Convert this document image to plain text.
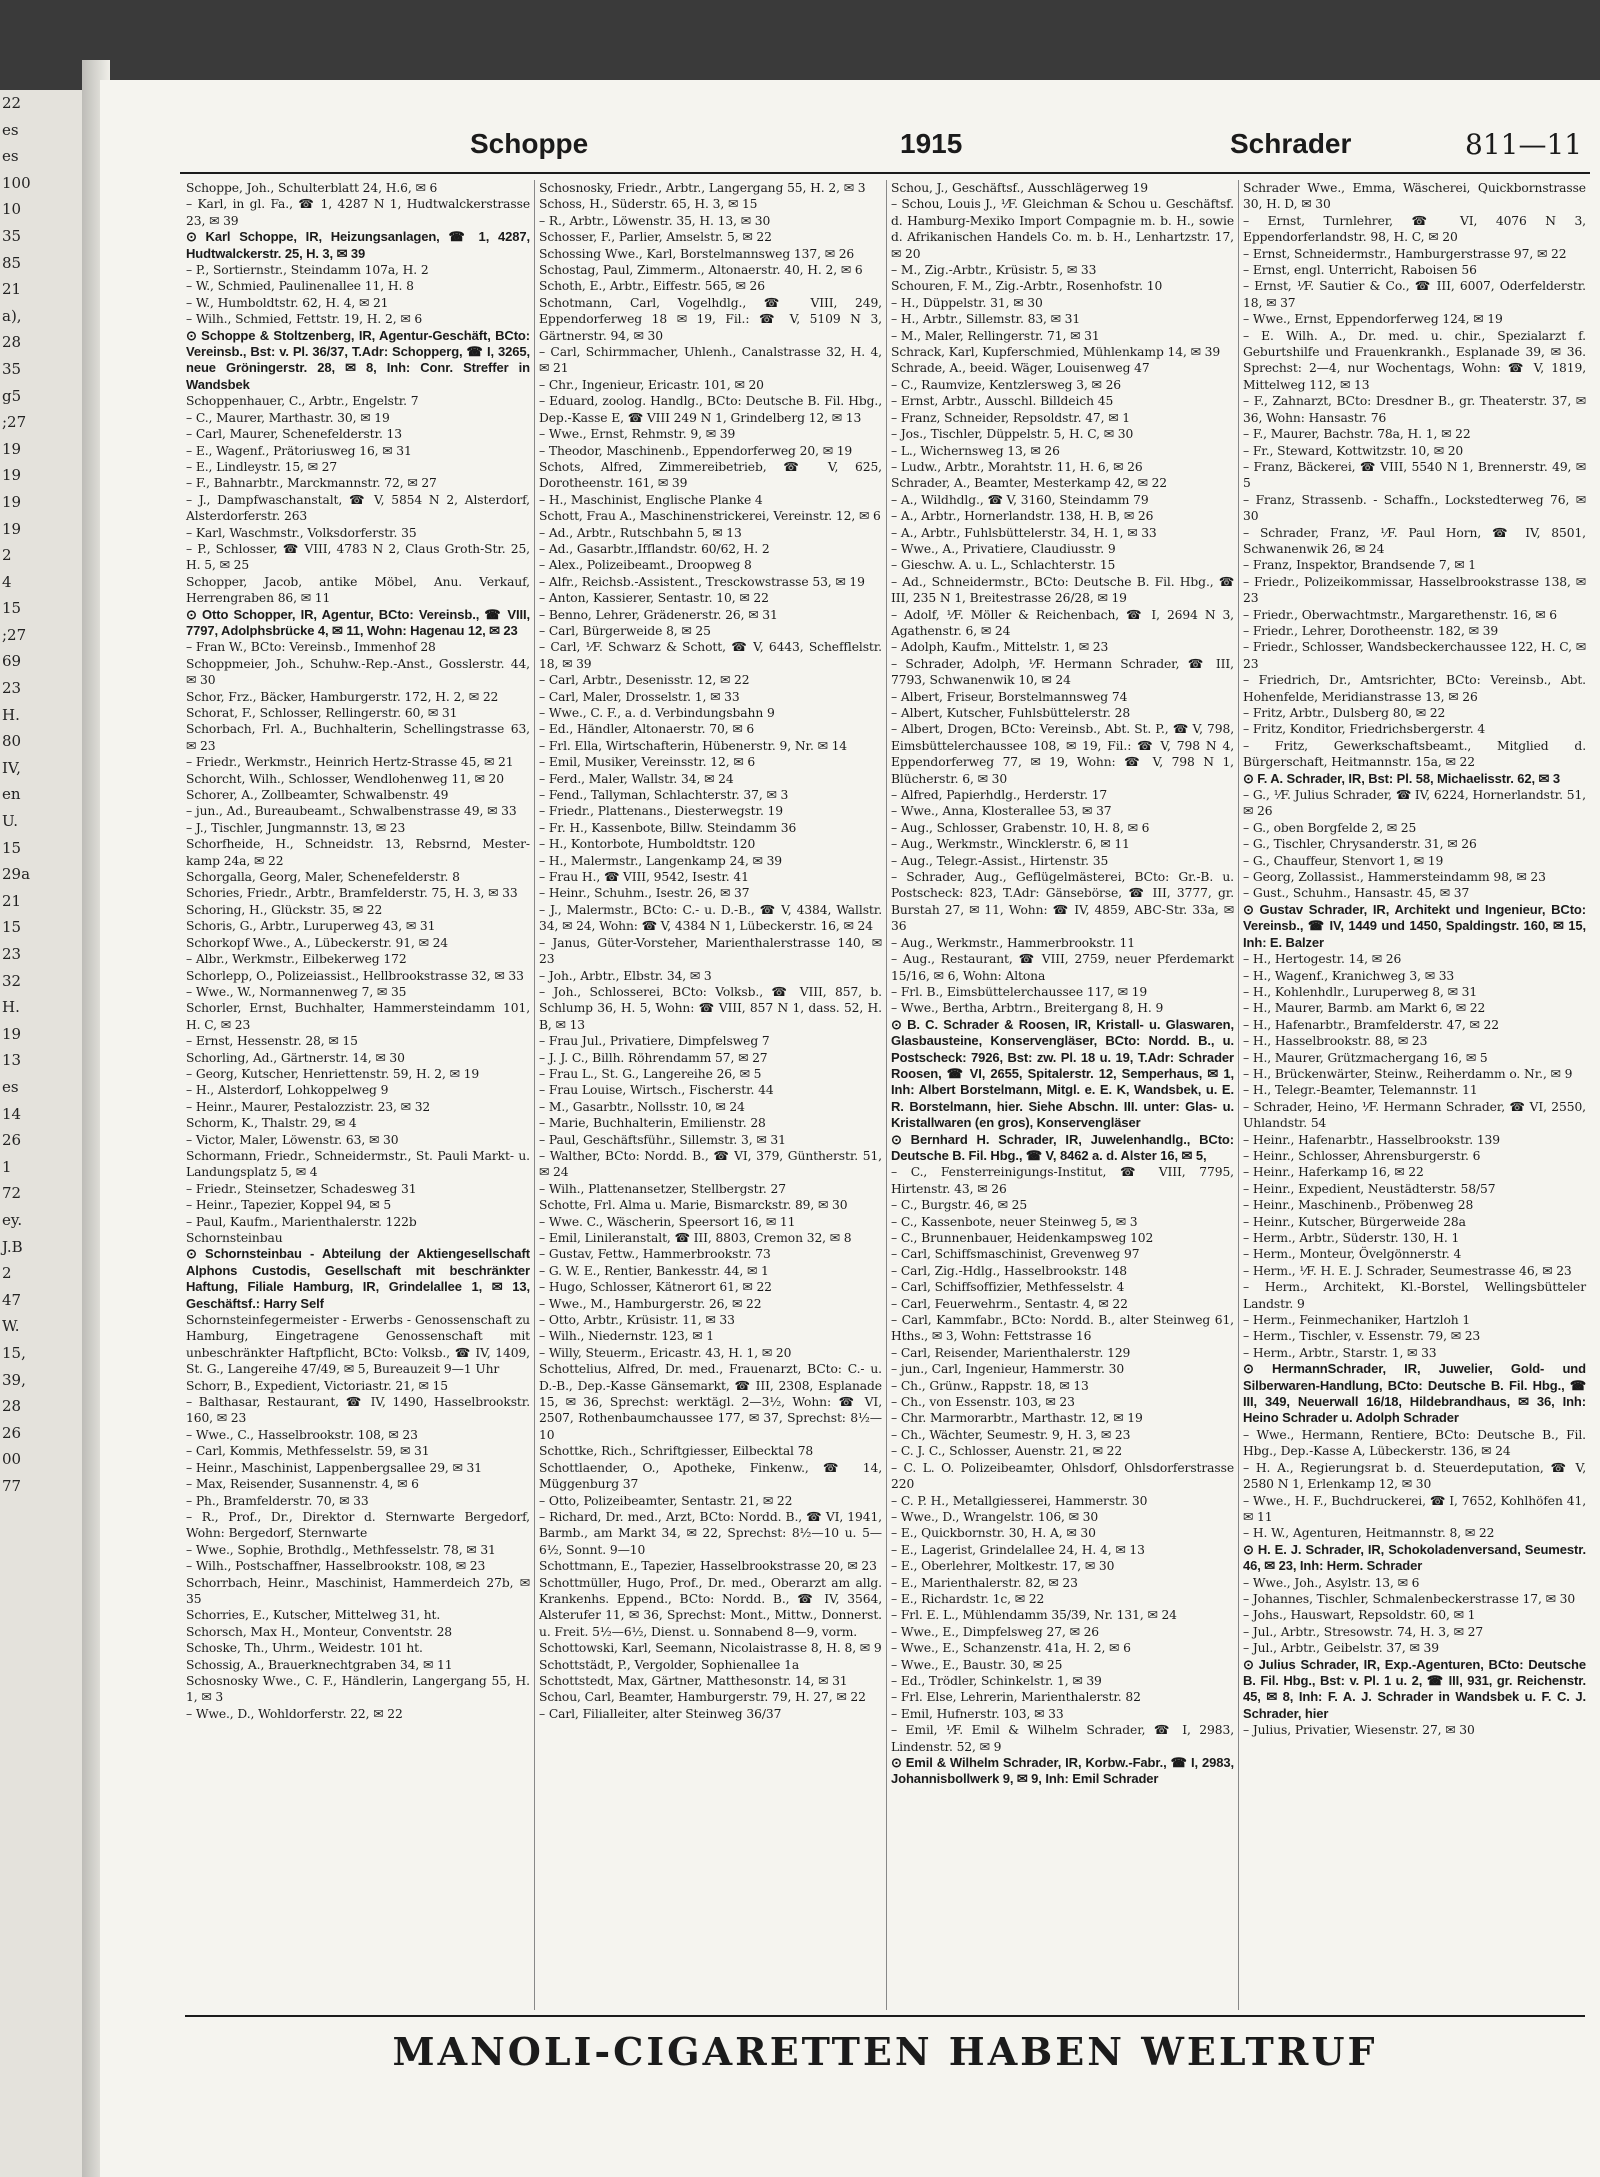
22
es
es
100
10
35
85
21
a),
28
35
g5
;27
19
19
19
19
2
4
15
;27
69
23
H.
80
IV,
en
U.
15
29a
21
15
23
32
H.
19
13
es
14
26
1
72
ey.
J.B
2
47
W.
15,
39,
28
26
00
77
Schoppe	1915	Schrader	811—11

Schoppe, Joh., Schulterblatt 24, H.6, ✉ 6

– Karl, in gl. Fa., ☎ 1, 4287 N 1, Hudtwalckerstrasse 23, ✉ 39

⊙ Karl Schoppe, IR, Heizungsanlagen, ☎ 1, 4287, Hudtwalckerstr. 25, H. 3, ✉ 39

– P., Sortiernstr., Steindamm 107a, H. 2

– W., Schmied, Paulinenallee 11, H. 8

– W., Humboldtstr. 62, H. 4, ✉ 21

– Wilh., Schmied, Fettstr. 19, H. 2, ✉ 6

⊙ Schoppe & Stoltzenberg, IR, Agentur-Geschäft, BCto: Vereinsb., Bst: v. Pl. 36/37, T.Adr: Schopperg, ☎ I, 3265, neue Gröningerstr. 28, ✉ 8, Inh: Conr. Streffer in Wandsbek

Schoppenhauer, C., Arbtr., Engelstr. 7

– C., Maurer, Marthastr. 30, ✉ 19

– Carl, Maurer, Schenefelderstr. 13

– E., Wagenf., Prätoriusweg 16, ✉ 31

– E., Lindleystr. 15, ✉ 27

– F., Bahnarbtr., Marckmannstr. 72, ✉ 27

– J., Dampfwaschanstalt, ☎ V, 5854 N 2, Alsterdorf, Alsterdorferstr. 263

– Karl, Waschmstr., Volksdorferstr. 35

– P., Schlosser, ☎ VIII, 4783 N 2, Claus Groth-Str. 25, H. 5, ✉ 25

Schopper, Jacob, antike Möbel, Anu. Verkauf, Herrengraben 86, ✉ 11

⊙ Otto Schopper, IR, Agentur, BCto: Vereinsb., ☎ VIII, 7797, Adolphsbrücke 4, ✉ 11, Wohn: Hagenau 12, ✉ 23

– Fran W., BCto: Vereinsb., Immenhof 28

Schoppmeier, Joh., Schuhw.-Rep.-Anst., Gosslerstr. 44, ✉ 30

Schor, Frz., Bäcker, Hamburgerstr. 172, H. 2, ✉ 22

Schorat, F., Schlosser, Rellingerstr. 60, ✉ 31

Schorbach, Frl. A., Buchhalterin, Schellingstrasse 63, ✉ 23

– Friedr., Werkmstr., Heinrich Hertz-Strasse 45, ✉ 21

Schorcht, Wilh., Schlosser, Wendlohenweg 11, ✉ 20

Schorer, A., Zollbeamter, Schwalbenstr. 49

– jun., Ad., Bureaubeamt., Schwalbenstrasse 49, ✉ 33

– J., Tischler, Jungmannstr. 13, ✉ 23

Schorfheide, H., Schneidstr. 13, Rebsrnd, Mester- kamp 24a, ✉ 22

Schorgalla, Georg, Maler, Schenefelderstr. 8

Schories, Friedr., Arbtr., Bramfelderstr. 75, H. 3, ✉ 33

Schoring, H., Glückstr. 35, ✉ 22

Schoris, G., Arbtr., Luruperweg 43, ✉ 31

Schorkopf Wwe., A., Lübeckerstr. 91, ✉ 24

– Albr., Werkmstr., Eilbekerweg 172

Schorlepp, O., Polizeiassist., Hellbrookstrasse 32, ✉ 33

– Wwe., W., Normannenweg 7, ✉ 35

Schorler, Ernst, Buchhalter, Hammersteindamm 101, H. C, ✉ 23

– Ernst, Hessenstr. 28, ✉ 15

Schorling, Ad., Gärtnerstr. 14, ✉ 30

– Georg, Kutscher, Henriettenstr. 59, H. 2, ✉ 19

– H., Alsterdorf, Lohkoppelweg 9

– Heinr., Maurer, Pestalozzistr. 23, ✉ 32

Schorm, K., Thalstr. 29, ✉ 4

– Victor, Maler, Löwenstr. 63, ✉ 30

Schormann, Friedr., Schneidermstr., St. Pauli Markt- u. Landungsplatz 5, ✉ 4

– Friedr., Steinsetzer, Schadesweg 31

– Heinr., Tapezier, Koppel 94, ✉ 5

– Paul, Kaufm., Marienthalerstr. 122b

Schornsteinbau

⊙ Schornsteinbau - Abteilung der Aktiengesellschaft Alphons Custodis, Gesellschaft mit beschränkter Haftung, Filiale Hamburg, IR, Grindelallee 1, ✉ 13, Geschäftsf.: Harry Self

Schornsteinfegermeister - Erwerbs - Genossenschaft zu Hamburg, Eingetragene Genossenschaft mit unbeschränkter Haftpflicht, BCto: Volksb., ☎ IV, 1409, St. G., Langereihe 47/49, ✉ 5, Bureauzeit 9—1 Uhr

Schorr, B., Expedient, Victoriastr. 21, ✉ 15

– Balthasar, Restaurant, ☎ IV, 1490, Hasselbrookstr. 160, ✉ 23

– Wwe., C., Hasselbrookstr. 108, ✉ 23

– Carl, Kommis, Methfesselstr. 59, ✉ 31

– Heinr., Maschinist, Lappenbergsallee 29, ✉ 31

– Max, Reisender, Susannenstr. 4, ✉ 6

– Ph., Bramfelderstr. 70, ✉ 33

– R., Prof., Dr., Direktor d. Sternwarte Bergedorf, Wohn: Bergedorf, Sternwarte

– Wwe., Sophie, Brothdlg., Methfesselstr. 78, ✉ 31

– Wilh., Postschaffner, Hasselbrookstr. 108, ✉ 23

Schorrbach, Heinr., Maschinist, Hammerdeich 27b, ✉ 35

Schorries, E., Kutscher, Mittelweg 31, ht.

Schorsch, Max H., Monteur, Conventstr. 28

Schoske, Th., Uhrm., Weidestr. 101 ht.

Schossig, A., Brauerknechtgraben 34, ✉ 11

Schosnosky Wwe., C. F., Händlerin, Langergang 55, H. 1, ✉ 3

– Wwe., D., Wohldorferstr. 22, ✉ 22

Schosnosky, Friedr., Arbtr., Langergang 55, H. 2, ✉ 3

Schoss, H., Süderstr. 65, H. 3, ✉ 15

– R., Arbtr., Löwenstr. 35, H. 13, ✉ 30

Schosser, F., Parlier, Amselstr. 5, ✉ 22

Schossing Wwe., Karl, Borstelmannsweg 137, ✉ 26

Schostag, Paul, Zimmerm., Altonaerstr. 40, H. 2, ✉ 6

Schoth, E., Arbtr., Eiffestr. 565, ✉ 26

Schotmann, Carl, Vogelhdlg., ☎ VIII, 249, Eppendorferweg 18 ✉ 19, Fil.: ☎ V, 5109 N 3, Gärtnerstr. 94, ✉ 30

– Carl, Schirmmacher, Uhlenh., Canalstrasse 32, H. 4, ✉ 21

– Chr., Ingenieur, Ericastr. 101, ✉ 20

– Eduard, zoolog. Handlg., BCto: Deutsche B. Fil. Hbg., Dep.-Kasse E, ☎ VIII 249 N 1, Grindelberg 12, ✉ 13

– Wwe., Ernst, Rehmstr. 9, ✉ 39

– Theodor, Maschinenb., Eppendorferweg 20, ✉ 19

Schots, Alfred, Zimmereibetrieb, ☎ V, 625, Dorotheenstr. 161, ✉ 39

– H., Maschinist, Englische Planke 4

Schott, Frau A., Maschinenstrickerei, Vereinstr. 12, ✉ 6

– Ad., Arbtr., Rutschbahn 5, ✉ 13

– Ad., Gasarbtr.,Ifflandstr. 60/62, H. 2

– Alex., Polizeibeamt., Droopweg 8

– Alfr., Reichsb.-Assistent., Tresckowstrasse 53, ✉ 19

– Anton, Kassierer, Sentastr. 10, ✉ 22

– Benno, Lehrer, Grädenerstr. 26, ✉ 31

– Carl, Bürgerweide 8, ✉ 25

– Carl, ⅟F. Schwarz & Schott, ☎ V, 6443, Schefflelstr. 18, ✉ 39

– Carl, Arbtr., Desenisstr. 12, ✉ 22

– Carl, Maler, Drosselstr. 1, ✉ 33

– Wwe., C. F., a. d. Verbindungsbahn 9

– Ed., Händler, Altonaerstr. 70, ✉ 6

– Frl. Ella, Wirtschafterin, Hübenerstr. 9, Nr. ✉ 14

– Emil, Musiker, Vereinsstr. 12, ✉ 6

– Ferd., Maler, Wallstr. 34, ✉ 24

– Fend., Tallyman, Schlachterstr. 37, ✉ 3

– Friedr., Plattenans., Diesterwegstr. 19

– Fr. H., Kassenbote, Billw. Steindamm 36

– H., Kontorbote, Humboldtstr. 120

– H., Malermstr., Langenkamp 24, ✉ 39

– Frau H., ☎ VIII, 9542, Isestr. 41

– Heinr., Schuhm., Isestr. 26, ✉ 37

– J., Malermstr., BCto: C.- u. D.-B., ☎ V, 4384, Wallstr. 34, ✉ 24, Wohn: ☎ V, 4384 N 1, Lübeckerstr. 16, ✉ 24

– Janus, Güter-Vorsteher, Marienthalerstrasse 140, ✉ 23

– Joh., Arbtr., Elbstr. 34, ✉ 3

– Joh., Schlosserei, BCto: Volksb., ☎ VIII, 857, b. Schlump 36, H. 5, Wohn: ☎ VIII, 857 N 1, dass. 52, H. B, ✉ 13

– Frau Jul., Privatiere, Dimpfelsweg 7

– J. J. C., Billh. Röhrendamm 57, ✉ 27

– Frau L., St. G., Langereihe 26, ✉ 5

– Frau Louise, Wirtsch., Fischerstr. 44

– M., Gasarbtr., Nollsstr. 10, ✉ 24

– Marie, Buchhalterin, Emilienstr. 28

– Paul, Geschäftsführ., Sillemstr. 3, ✉ 31

– Walther, BCto: Nordd. B., ☎ VI, 379, Güntherstr. 51, ✉ 24

– Wilh., Plattenansetzer, Stellbergstr. 27

Schotte, Frl. Alma u. Marie, Bismarckstr. 89, ✉ 30

– Wwe. C., Wäscherin, Speersort 16, ✉ 11

– Emil, Linileranstalt, ☎ III, 8803, Cremon 32, ✉ 8

– Gustav, Fettw., Hammerbrookstr. 73

– G. W. E., Rentier, Bankesstr. 44, ✉ 1

– Hugo, Schlosser, Kätnerort 61, ✉ 22

– Wwe., M., Hamburgerstr. 26, ✉ 22

– Otto, Arbtr., Krüsistr. 11, ✉ 33

– Wilh., Niedernstr. 123, ✉ 1

– Willy, Steuerm., Ericastr. 43, H. 1, ✉ 20

Schottelius, Alfred, Dr. med., Frauenarzt, BCto: C.- u. D.-B., Dep.-Kasse Gänsemarkt, ☎ III, 2308, Esplanade 15, ✉ 36, Sprechst: werktägl. 2—3½, Wohn: ☎ VI, 2507, Rothenbaumchaussee 177, ✉ 37, Sprechst: 8½—10

Schottke, Rich., Schriftgiesser, Eilbecktal 78

Schottlaender, O., Apotheke, Finkenw., ☎ 14, Müggenburg 37

– Otto, Polizeibeamter, Sentastr. 21, ✉ 22

– Richard, Dr. med., Arzt, BCto: Nordd. B., ☎ VI, 1941, Barmb., am Markt 34, ✉ 22, Sprechst: 8½—10 u. 5—6½, Sonnt. 9—10

Schottmann, E., Tapezier, Hasselbrookstrasse 20, ✉ 23

Schottmüller, Hugo, Prof., Dr. med., Oberarzt am allg. Krankenhs. Eppend., BCto: Nordd. B., ☎ IV, 3564, Alsterufer 11, ✉ 36, Sprechst: Mont., Mittw., Donnerst. u. Freit. 5½—6½, Dienst. u. Sonnabend 8—9, vorm.

Schottowski, Karl, Seemann, Nicolaistrasse 8, H. 8, ✉ 9

Schottstädt, P., Vergolder, Sophienallee 1a

Schottstedt, Max, Gärtner, Matthesonstr. 14, ✉ 31

Schou, Carl, Beamter, Hamburgerstr. 79, H. 27, ✉ 22

– Carl, Filialleiter, alter Steinweg 36/37

Schou, J., Geschäftsf., Ausschlägerweg 19

– Schou, Louis J., ⅟F. Gleichman & Schou u. Geschäftsf. d. Hamburg-Mexiko Import Compagnie m. b. H., sowie d. Afrikanischen Handels Co. m. b. H., Lenhartzstr. 17, ✉ 20

– M., Zig.-Arbtr., Krüsistr. 5, ✉ 33

Schouren, F. M., Zig.-Arbtr., Rosenhofstr. 10

– H., Düppelstr. 31, ✉ 30

– H., Arbtr., Sillemstr. 83, ✉ 31

– M., Maler, Rellingerstr. 71, ✉ 31

Schrack, Karl, Kupferschmied, Mühlenkamp 14, ✉ 39

Schrade, A., beeid. Wäger, Louisenweg 47

– C., Raumvize, Kentzlersweg 3, ✉ 26

– Ernst, Arbtr., Ausschl. Billdeich 45

– Franz, Schneider, Repsoldstr. 47, ✉ 1

– Jos., Tischler, Düppelstr. 5, H. C, ✉ 30

– L., Wichernsweg 13, ✉ 26

– Ludw., Arbtr., Morahtstr. 11, H. 6, ✉ 26

Schrader, A., Beamter, Mesterkamp 42, ✉ 22

– A., Wildhdlg., ☎ V, 3160, Steindamm 79

– A., Arbtr., Hornerlandstr. 138, H. B, ✉ 26

– A., Arbtr., Fuhlsbüttelerstr. 34, H. 1, ✉ 33

– Wwe., A., Privatiere, Claudiusstr. 9

– Gieschw. A. u. L., Schlachterstr. 15

– Ad., Schneidermstr., BCto: Deutsche B. Fil. Hbg., ☎ III, 235 N 1, Breitestrasse 26/28, ✉ 19

– Adolf, ⅟F. Möller & Reichenbach, ☎ I, 2694 N 3, Agathenstr. 6, ✉ 24

– Adolph, Kaufm., Mittelstr. 1, ✉ 23

– Schrader, Adolph, ⅟F. Hermann Schrader, ☎ III, 7793, Schwanenwik 10, ✉ 24

– Albert, Friseur, Borstelmannsweg 74

– Albert, Kutscher, Fuhlsbüttelerstr. 28

– Albert, Drogen, BCto: Vereinsb., Abt. St. P., ☎ V, 798, Eimsbüttelerchaussee 108, ✉ 19, Fil.: ☎ V, 798 N 4, Eppendorferweg 77, ✉ 19, Wohn: ☎ V, 798 N 1, Blücherstr. 6, ✉ 30

– Alfred, Papierhdlg., Herderstr. 17

– Wwe., Anna, Klosterallee 53, ✉ 37

– Aug., Schlosser, Grabenstr. 10, H. 8, ✉ 6

– Aug., Werkmstr., Wincklerstr. 6, ✉ 11

– Aug., Telegr.-Assist., Hirtenstr. 35

– Schrader, Aug., Geflügelmästerei, BCto: Gr.-B. u. Postscheck: 823, T.Adr: Gänsebörse, ☎ III, 3777, gr. Burstah 27, ✉ 11, Wohn: ☎ IV, 4859, ABC-Str. 33a, ✉ 36

– Aug., Werkmstr., Hammerbrookstr. 11

– Aug., Restaurant, ☎ VIII, 2759, neuer Pferdemarkt 15/16, ✉ 6, Wohn: Altona

– Frl. B., Eimsbüttelerchaussee 117, ✉ 19

– Wwe., Bertha, Arbtrn., Breitergang 8, H. 9

⊙ B. C. Schrader & Roosen, IR, Kristall- u. Glaswaren, Glasbausteine, Konservengläser, BCto: Nordd. B., u. Postscheck: 7926, Bst: zw. Pl. 18 u. 19, T.Adr: Schrader Roosen, ☎ VI, 2655, Spitalerstr. 12, Semperhaus, ✉ 1, Inh: Albert Borstelmann, Mitgl. e. E. K, Wandsbek, u. E. R. Borstelmann, hier. Siehe Abschn. III. unter: Glas- u. Kristallwaren (en gros), Konservengläser

⊙ Bernhard H. Schrader, IR, Juwelenhandlg., BCto: Deutsche B. Fil. Hbg., ☎ V, 8462 a. d. Alster 16, ✉ 5,

– C., Fensterreinigungs-Institut, ☎ VIII, 7795, Hirtenstr. 43, ✉ 26

– C., Burgstr. 46, ✉ 25

– C., Kassenbote, neuer Steinweg 5, ✉ 3

– C., Brunnenbauer, Heidenkampsweg 102

– Carl, Schiffsmaschinist, Grevenweg 97

– Carl, Zig.-Hdlg., Hasselbrookstr. 148

– Carl, Schiffsoffizier, Methfesselstr. 4

– Carl, Feuerwehrm., Sentastr. 4, ✉ 22

– Carl, Kammfabr., BCto: Nordd. B., alter Steinweg 61, Hths., ✉ 3, Wohn: Fettstrasse 16

– Carl, Reisender, Marienthalerstr. 129

– jun., Carl, Ingenieur, Hammerstr. 30

– Ch., Grünw., Rappstr. 18, ✉ 13

– Ch., von Essenstr. 103, ✉ 23

– Chr. Marmorarbtr., Marthastr. 12, ✉ 19

– Ch., Wächter, Seumestr. 9, H. 3, ✉ 23

– C. J. C., Schlosser, Auenstr. 21, ✉ 22

– C. L. O. Polizeibeamter, Ohlsdorf, Ohlsdorferstrasse 220

– C. P. H., Metallgiesserei, Hammerstr. 30

– Wwe., D., Wrangelstr. 106, ✉ 30

– E., Quickbornstr. 30, H. A, ✉ 30

– E., Lagerist, Grindelallee 24, H. 4, ✉ 13

– E., Oberlehrer, Moltkestr. 17, ✉ 30

– E., Marienthalerstr. 82, ✉ 23

– E., Richardstr. 1c, ✉ 22

– Frl. E. L., Mühlendamm 35/39, Nr. 131, ✉ 24

– Wwe., E., Dimpfelsweg 27, ✉ 26

– Wwe., E., Schanzenstr. 41a, H. 2, ✉ 6

– Wwe., E., Baustr. 30, ✉ 25

– Ed., Trödler, Schinkelstr. 1, ✉ 39

– Frl. Else, Lehrerin, Marienthalerstr. 82

– Emil, Hufnerstr. 103, ✉ 33

– Emil, ⅟F. Emil & Wilhelm Schrader, ☎ I, 2983, Lindenstr. 52, ✉ 9

⊙ Emil & Wilhelm Schrader, IR, Korbw.-Fabr., ☎ I, 2983, Johannisbollwerk 9, ✉ 9, Inh: Emil Schrader

Schrader Wwe., Emma, Wäscherei, Quickbornstrasse 30, H. D, ✉ 30

– Ernst, Turnlehrer, ☎ VI, 4076 N 3, Eppendorferlandstr. 98, H. C, ✉ 20

– Ernst, Schneidermstr., Hamburgerstrasse 97, ✉ 22

– Ernst, engl. Unterricht, Raboisen 56

– Ernst, ⅟F. Sautier & Co., ☎ III, 6007, Oderfelderstr. 18, ✉ 37

– Wwe., Ernst, Eppendorferweg 124, ✉ 19

– E. Wilh. A., Dr. med. u. chir., Spezialarzt f. Geburtshilfe und Frauenkrankh., Esplanade 39, ✉ 36. Sprechst: 2—4, nur Wochentags, Wohn: ☎ V, 1819, Mittelweg 112, ✉ 13

– F., Zahnarzt, BCto: Dresdner B., gr. Theaterstr. 37, ✉ 36, Wohn: Hansastr. 76

– F., Maurer, Bachstr. 78a, H. 1, ✉ 22

– Fr., Steward, Kottwitzstr. 10, ✉ 20

– Franz, Bäckerei, ☎ VIII, 5540 N 1, Brennerstr. 49, ✉ 5

– Franz, Strassenb. - Schaffn., Lockstedterweg 76, ✉ 30

– Schrader, Franz, ⅟F. Paul Horn, ☎ IV, 8501, Schwanenwik 26, ✉ 24

– Franz, Inspektor, Brandsende 7, ✉ 1

– Friedr., Polizeikommissar, Hasselbrookstrasse 138, ✉ 23

– Friedr., Oberwachtmstr., Margarethenstr. 16, ✉ 6

– Friedr., Lehrer, Dorotheenstr. 182, ✉ 39

– Friedr., Schlosser, Wandsbeckerchaussee 122, H. C, ✉ 23

– Friedrich, Dr., Amtsrichter, BCto: Vereinsb., Abt. Hohenfelde, Meridianstrasse 13, ✉ 26

– Fritz, Arbtr., Dulsberg 80, ✉ 22

– Fritz, Konditor, Friedrichsbergerstr. 4

– Fritz, Gewerkschaftsbeamt., Mitglied d. Bürgerschaft, Heitmannstr. 15a, ✉ 22

⊙ F. A. Schrader, IR, Bst: Pl. 58, Michaelisstr. 62, ✉ 3

– G., ⅟F. Julius Schrader, ☎ IV, 6224, Hornerlandstr. 51, ✉ 26

– G., oben Borgfelde 2, ✉ 25

– G., Tischler, Chrysanderstr. 31, ✉ 26

– G., Chauffeur, Stenvort 1, ✉ 19

– Georg, Zollassist., Hammersteindamm 98, ✉ 23

– Gust., Schuhm., Hansastr. 45, ✉ 37

⊙ Gustav Schrader, IR, Architekt und Ingenieur, BCto: Vereinsb., ☎ IV, 1449 und 1450, Spaldingstr. 160, ✉ 15, Inh: E. Balzer

– H., Hertogestr. 14, ✉ 26

– H., Wagenf., Kranichweg 3, ✉ 33

– H., Kohlenhdlr., Luruperweg 8, ✉ 31

– H., Maurer, Barmb. am Markt 6, ✉ 22

– H., Hafenarbtr., Bramfelderstr. 47, ✉ 22

– H., Hasselbrookstr. 88, ✉ 23

– H., Maurer, Grützmachergang 16, ✉ 5

– H., Brückenwärter, Steinw., Reiherdamm o. Nr., ✉ 9

– H., Telegr.-Beamter, Telemannstr. 11

– Schrader, Heino, ⅟F. Hermann Schrader, ☎ VI, 2550, Uhlandstr. 54

– Heinr., Hafenarbtr., Hasselbrookstr. 139

– Heinr., Schlosser, Ahrensburgerstr. 6

– Heinr., Haferkamp 16, ✉ 22

– Heinr., Expedient, Neustädterstr. 58/57

– Heinr., Maschinenb., Pröbenweg 28

– Heinr., Kutscher, Bürgerweide 28a

– Herm., Arbtr., Süderstr. 130, H. 1

– Herm., Monteur, Övelgönnerstr. 4

– Herm., ⅟F. H. E. J. Schrader, Seumestrasse 46, ✉ 23

– Herm., Architekt, Kl.-Borstel, Wellingsbütteler Landstr. 9

– Herm., Feinmechaniker, Hartzloh 1

– Herm., Tischler, v. Essenstr. 79, ✉ 23

– Herm., Arbtr., Starstr. 1, ✉ 33

⊙ HermannSchrader, IR, Juwelier, Gold- und Silberwaren-Handlung, BCto: Deutsche B. Fil. Hbg., ☎ III, 349, Neuerwall 16/18, Hildebrandhaus, ✉ 36, Inh: Heino Schrader u. Adolph Schrader

– Wwe., Hermann, Rentiere, BCto: Deutsche B., Fil. Hbg., Dep.-Kasse A, Lübeckerstr. 136, ✉ 24

– H. A., Regierungsrat b. d. Steuerdeputation, ☎ V, 2580 N 1, Erlenkamp 12, ✉ 30

– Wwe., H. F., Buchdruckerei, ☎ I, 7652, Kohlhöfen 41, ✉ 11

– H. W., Agenturen, Heitmannstr. 8, ✉ 22

⊙ H. E. J. Schrader, IR, Schokoladenversand, Seumestr. 46, ✉ 23, Inh: Herm. Schrader

– Wwe., Joh., Asylstr. 13, ✉ 6

– Johannes, Tischler, Schmalenbeckerstrasse 17, ✉ 30

– Johs., Hauswart, Repsoldstr. 60, ✉ 1

– Jul., Arbtr., Stresowstr. 74, H. 3, ✉ 27

– Jul., Arbtr., Geibelstr. 37, ✉ 39

⊙ Julius Schrader, IR, Exp.-Agenturen, BCto: Deutsche B. Fil. Hbg., Bst: v. Pl. 1 u. 2, ☎ III, 931, gr. Reichenstr. 45, ✉ 8, Inh: F. A. J. Schrader in Wandsbek u. F. C. J. Schrader, hier

– Julius, Privatier, Wiesenstr. 27, ✉ 30

MANOLI-CIGARETTEN HABEN WELTRUF
